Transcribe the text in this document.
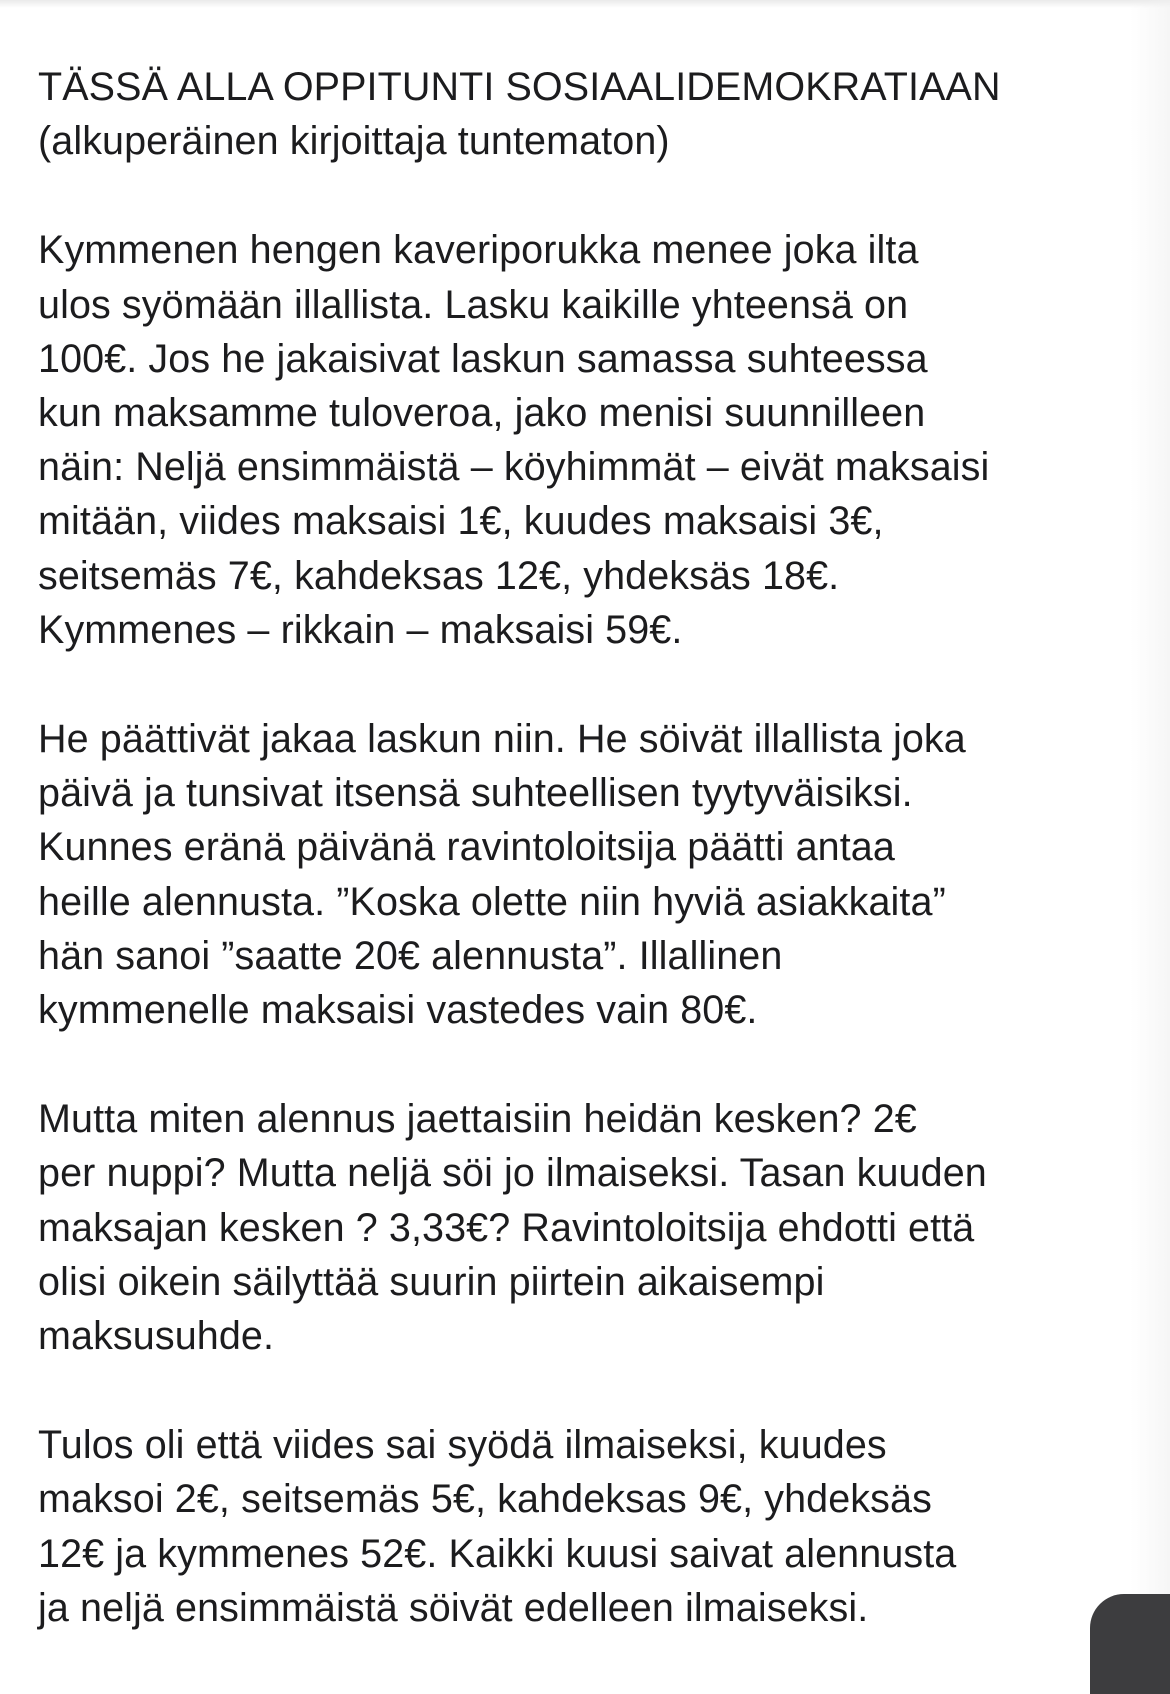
TÄSSÄ ALLA OPPITUNTI SOSIAALIDEMOKRATIAAN
(alkuperäinen kirjoittaja tuntematon)

Kymmenen hengen kaveriporukka menee joka ilta
ulos syömään illallista. Lasku kaikille yhteensä on
100€. Jos he jakaisivat laskun samassa suhteessa
kun maksamme tuloveroa, jako menisi suunnilleen
näin: Neljä ensimmäistä – köyhimmät – eivät maksaisi
mitään, viides maksaisi 1€, kuudes maksaisi 3€,
seitsemäs 7€, kahdeksas 12€, yhdeksäs 18€.
Kymmenes – rikkain – maksaisi 59€.

He päättivät jakaa laskun niin. He söivät illallista joka
päivä ja tunsivat itsensä suhteellisen tyytyväisiksi.
Kunnes eränä päivänä ravintoloitsija päätti antaa
heille alennusta. ”Koska olette niin hyviä asiakkaita”
hän sanoi ”saatte 20€ alennusta”. Illallinen
kymmenelle maksaisi vastedes vain 80€.

Mutta miten alennus jaettaisiin heidän kesken? 2€
per nuppi? Mutta neljä söi jo ilmaiseksi. Tasan kuuden
maksajan kesken ? 3,33€? Ravintoloitsija ehdotti että
olisi oikein säilyttää suurin piirtein aikaisempi
maksusuhde.

Tulos oli että viides sai syödä ilmaiseksi, kuudes
maksoi 2€, seitsemäs 5€, kahdeksas 9€, yhdeksäs
12€ ja kymmenes 52€. Kaikki kuusi saivat alennusta
ja neljä ensimmäistä söivät edelleen ilmaiseksi.
